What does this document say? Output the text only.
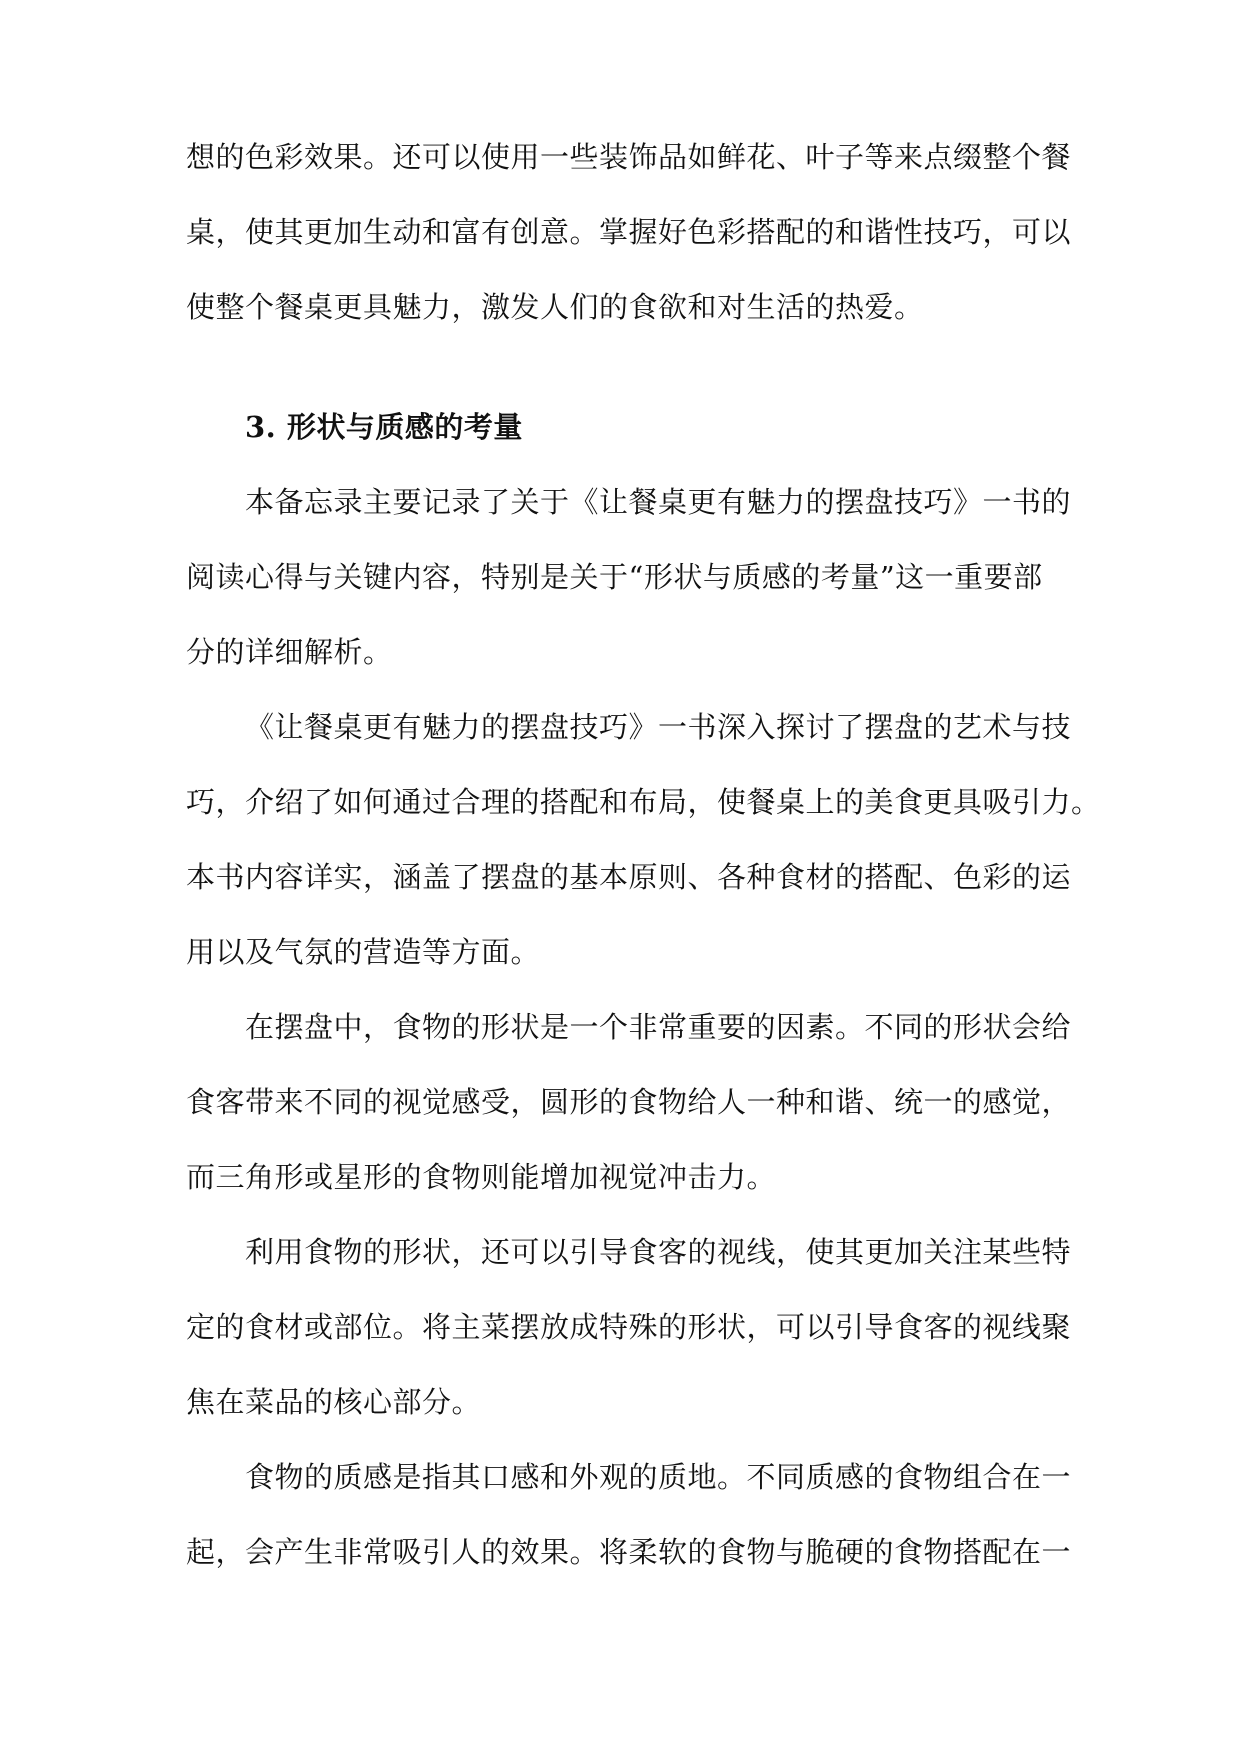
想的色彩效果。还可以使用一些装饰品如鲜花、叶子等来点缀整个餐
桌，使其更加生动和富有创意。掌握好色彩搭配的和谐性技巧，可以
使整个餐桌更具魅力，激发人们的食欲和对生活的热爱。
3. 形状与质感的考量
本备忘录主要记录了关于《让餐桌更有魅力的摆盘技巧》一书的
阅读心得与关键内容，特别是关于“形状与质感的考量”这一重要部
分的详细解析。
《让餐桌更有魅力的摆盘技巧》一书深入探讨了摆盘的艺术与技
巧，介绍了如何通过合理的搭配和布局，使餐桌上的美食更具吸引力。
本书内容详实，涵盖了摆盘的基本原则、各种食材的搭配、色彩的运
用以及气氛的营造等方面。
在摆盘中，食物的形状是一个非常重要的因素。不同的形状会给
食客带来不同的视觉感受，圆形的食物给人一种和谐、统一的感觉，
而三角形或星形的食物则能增加视觉冲击力。
利用食物的形状，还可以引导食客的视线，使其更加关注某些特
定的食材或部位。将主菜摆放成特殊的形状，可以引导食客的视线聚
焦在菜品的核心部分。
食物的质感是指其口感和外观的质地。不同质感的食物组合在一
起，会产生非常吸引人的效果。将柔软的食物与脆硬的食物搭配在一
